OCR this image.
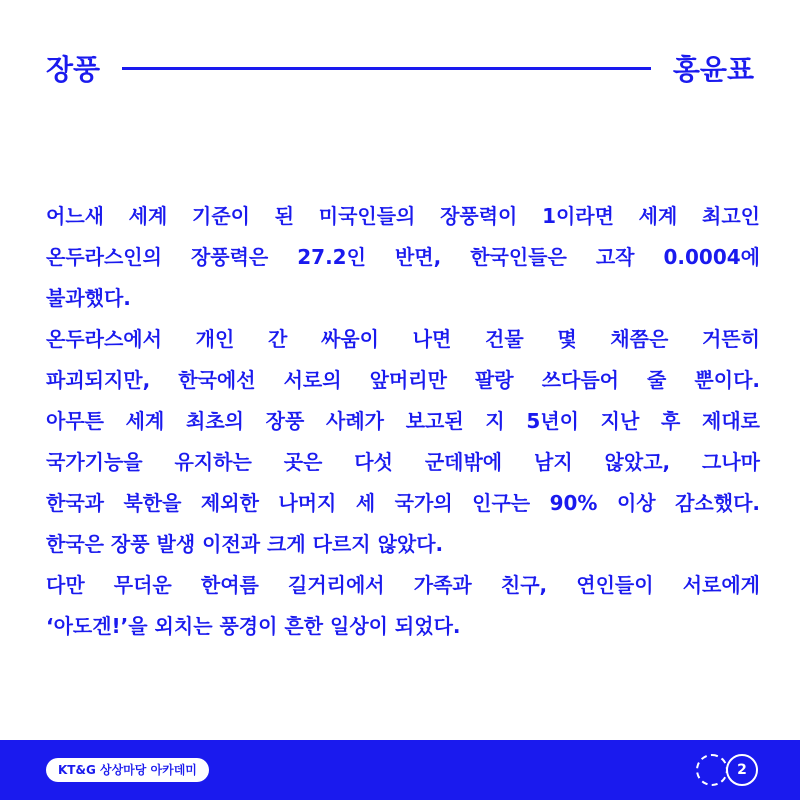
장풍	홍윤표

어느새 세계 기준이 된 미국인들의 장풍력이 1이라면 세계 최고인

온두라스인의 장풍력은 27.2인 반면, 한국인들은 고작 0.0004에

불과했다.

온두라스에서 개인 간 싸움이 나면 건물 몇 채쯤은 거뜬히

파괴되지만, 한국에선 서로의 앞머리만 팔랑 쓰다듬어 줄 뿐이다.

아무튼 세계 최초의 장풍 사례가 보고된 지 5년이 지난 후 제대로

국가기능을 유지하는 곳은 다섯 군데밖에 남지 않았고, 그나마

한국과 북한을 제외한 나머지 세 국가의 인구는 90% 이상 감소했다.

한국은 장풍 발생 이전과 크게 다르지 않았다.

다만 무더운 한여름 길거리에서 가족과 친구, 연인들이 서로에게

‘아도겐!’을 외치는 풍경이 흔한 일상이 되었다.

KT&G 상상마당 아카데미	2
